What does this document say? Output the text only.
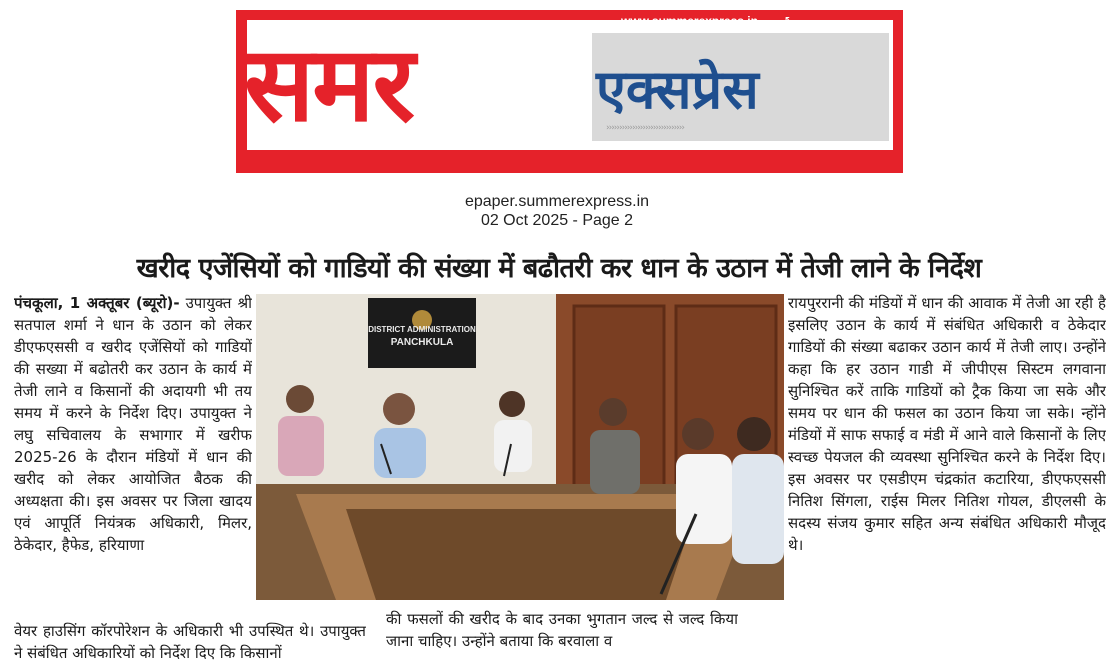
समर	एक्सप्रेस
www.summerexpress.in	↖
››››››››››››››››››››››››››››››
epaper.summerexpress.in
02 Oct 2025 - Page 2
खरीद एजेंसियों को गाडियों की संख्या में बढौतरी कर धान के उठान में तेजी लाने के निर्देश
पंचकूला, 1 अक्तूबर (ब्यूरो)- उपायुक्त श्री सतपाल शर्मा ने धान के उठान को लेकर डीएफएससी व खरीद एजेंसियों को गाडियों की सख्या में बढोतरी कर उठान के कार्य में तेजी लाने व किसानों की अदायगी भी तय समय में करने के निर्देश दिए। उपायुक्त ने लघु सचिवालय के सभागार में खरीफ 2025-26 के दौरान मंडियों में धान की खरीद को लेकर आयोजित बैठक की अध्यक्षता की। इस अवसर पर जिला खादय एवं आपूर्ति नियंत्रक अधिकारी, मिलर, ठेकेदार, हैफेड, हरियाणा
DISTRICT ADMINISTRATION
PANCHKULA
वेयर हाउसिंग कॉरपोरेशन के अधिकारी भी उपस्थित थे। उपायुक्त ने संबंधित अधिकारियों को निर्देश दिए कि किसानों
की फसलों की खरीद के बाद उनका भुगतान जल्द से जल्द किया जाना चाहिए। उन्होंने बताया कि बरवाला व
रायपुररानी की मंडियों में धान की आवाक में तेजी आ रही है इसलिए उठान के कार्य में संबंधित अधिकारी व ठेकेदार गाडियों की संख्या बढाकर उठान कार्य में तेजी लाए। उन्होंने कहा कि हर उठान गाडी में जीपीएस सिस्टम लगवाना सुनिश्चित करें ताकि गाडियों को ट्रैक किया जा सके और समय पर धान की फसल का उठान किया जा सके। न्होंने मंडियों में साफ सफाई व मंडी में आने वाले किसानों के लिए स्वच्छ पेयजल की व्यवस्था सुनिश्चित करने के निर्देश दिए। इस अवसर पर एसडीएम चंद्रकांत कटारिया, डीएफएससी नितिश सिंगला, राईस मिलर नितिश गोयल, डीएलसी के सदस्य संजय कुमार सहित अन्य संबंधित अधिकारी मौजूद थे।
